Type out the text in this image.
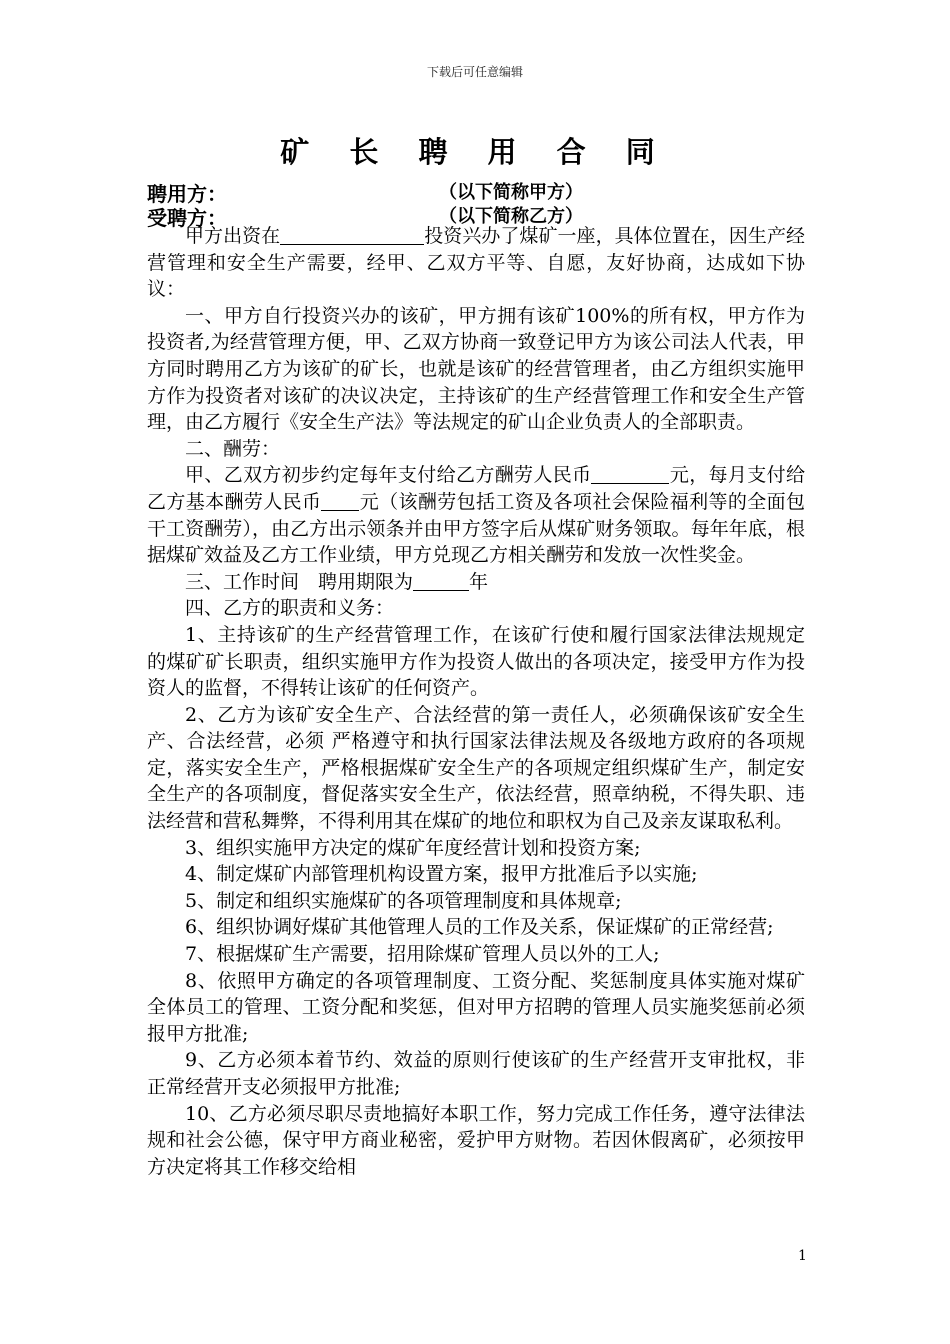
下载后可任意编辑
矿 长 聘 用 合 同
聘用方：	（以下简称甲方）
受聘方：	（以下简称乙方）

甲方出资在	投资兴办了煤矿一座，具体位置在，因生产经营管理和安全生产需要，经甲、乙双方平等、自愿，友好协商，达成如下协议：

一、甲方自行投资兴办的该矿，甲方拥有该矿100%的所有权，甲方作为投资者,为经营管理方便，甲、乙双方协商一致登记甲方为该公司法人代表，甲方同时聘用乙方为该矿的矿长，也就是该矿的经营管理者，由乙方组织实施甲方作为投资者对该矿的决议决定，主持该矿的生产经营管理工作和安全生产管理，由乙方履行《安全生产法》等法规定的矿山企业负责人的全部职责。

二、酬劳：

甲、乙双方初步约定每年支付给乙方酬劳人民币	元，每月支付给乙方基本酬劳人民币 元（该酬劳包括工资及各项社会保险福利等的全面包干工资酬劳），由乙方出示领条并由甲方签字后从煤矿财务领取。每年年底，根据煤矿效益及乙方工作业绩，甲方兑现乙方相关酬劳和发放一次性奖金。

三、工作时间　聘用期限为	年

四、乙方的职责和义务：

1、主持该矿的生产经营管理工作，在该矿行使和履行国家法律法规规定的煤矿矿长职责，组织实施甲方作为投资人做出的各项决定，接受甲方作为投资人的监督，不得转让该矿的任何资产。

2、乙方为该矿安全生产、合法经营的第一责任人，必须确保该矿安全生产、合法经营，必须 严格遵守和执行国家法律法规及各级地方政府的各项规定，落实安全生产，严格根据煤矿安全生产的各项规定组织煤矿生产，制定安全生产的各项制度，督促落实安全生产，依法经营，照章纳税，不得失职、违法经营和营私舞弊，不得利用其在煤矿的地位和职权为自己及亲友谋取私利。

3、组织实施甲方决定的煤矿年度经营计划和投资方案;

4、制定煤矿内部管理机构设置方案，报甲方批准后予以实施;

5、制定和组织实施煤矿的各项管理制度和具体规章;

6、组织协调好煤矿其他管理人员的工作及关系，保证煤矿的正常经营;

7、根据煤矿生产需要，招用除煤矿管理人员以外的工人;

8、依照甲方确定的各项管理制度、工资分配、奖惩制度具体实施对煤矿全体员工的管理、工资分配和奖惩，但对甲方招聘的管理人员实施奖惩前必须报甲方批准;

9、乙方必须本着节约、效益的原则行使该矿的生产经营开支审批权，非正常经营开支必须报甲方批准;

10、乙方必须尽职尽责地搞好本职工作，努力完成工作任务，遵守法律法规和社会公德，保守甲方商业秘密，爱护甲方财物。若因休假离矿，必须按甲方决定将其工作移交给相

1
